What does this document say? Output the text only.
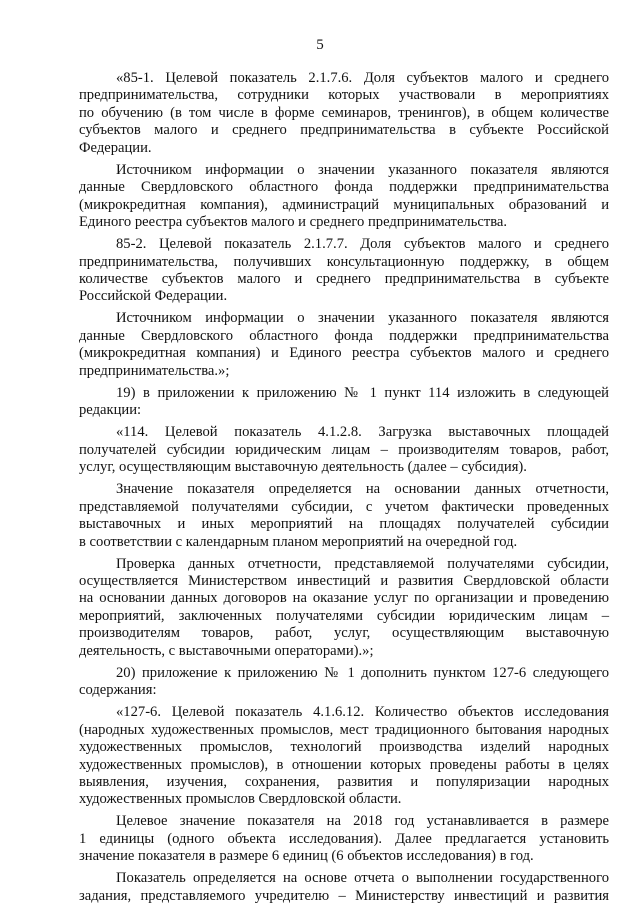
5
«85-1. Целевой показатель 2.1.7.6. Доля субъектов малого и среднего
предпринимательства, сотрудники которых участвовали в мероприятиях
по обучению (в том числе в форме семинаров, тренингов), в общем количестве
субъектов малого и среднего предпринимательства в субъекте Российской
Федерации.
Источником информации о значении указанного показателя являются
данные Свердловского областного фонда поддержки предпринимательства
(микрокредитная компания), администраций муниципальных образований и
Единого реестра субъектов малого и среднего предпринимательства.
85-2. Целевой показатель 2.1.7.7. Доля субъектов малого и среднего
предпринимательства, получивших консультационную поддержку, в общем
количестве субъектов малого и среднего предпринимательства в субъекте
Российской Федерации.
Источником информации о значении указанного показателя являются
данные Свердловского областного фонда поддержки предпринимательства
(микрокредитная компания) и Единого реестра субъектов малого и среднего
предпринимательства.»;
19) в приложении к приложению № 1 пункт 114 изложить в следующей
редакции:
«114. Целевой показатель 4.1.2.8. Загрузка выставочных площадей
получателей субсидии юридическим лицам – производителям товаров, работ,
услуг, осуществляющим выставочную деятельность (далее – субсидия).
Значение показателя определяется на основании данных отчетности,
представляемой получателями субсидии, с учетом фактически проведенных
выставочных и иных мероприятий на площадях получателей субсидии
в соответствии с календарным планом мероприятий на очередной год.
Проверка данных отчетности, представляемой получателями субсидии,
осуществляется Министерством инвестиций и развития Свердловской области
на основании данных договоров на оказание услуг по организации и проведению
мероприятий, заключенных получателями субсидии юридическим лицам –
производителям товаров, работ, услуг, осуществляющим выставочную
деятельность, с выставочными операторами).»;
20) приложение к приложению № 1 дополнить пунктом 127-6 следующего
содержания:
«127-6. Целевой показатель 4.1.6.12. Количество объектов исследования
(народных художественных промыслов, мест традиционного бытования народных
художественных промыслов, технологий производства изделий народных
художественных промыслов), в отношении которых проведены работы в целях
выявления, изучения, сохранения, развития и популяризации народных
художественных промыслов Свердловской области.
Целевое значение показателя на 2018 год устанавливается в размере
1 единицы (одного объекта исследования). Далее предлагается установить
значение показателя в размере 6 единиц (6 объектов исследования) в год.
Показатель определяется на основе отчета о выполнении государственного
задания, представляемого учредителю – Министерству инвестиций и развития
